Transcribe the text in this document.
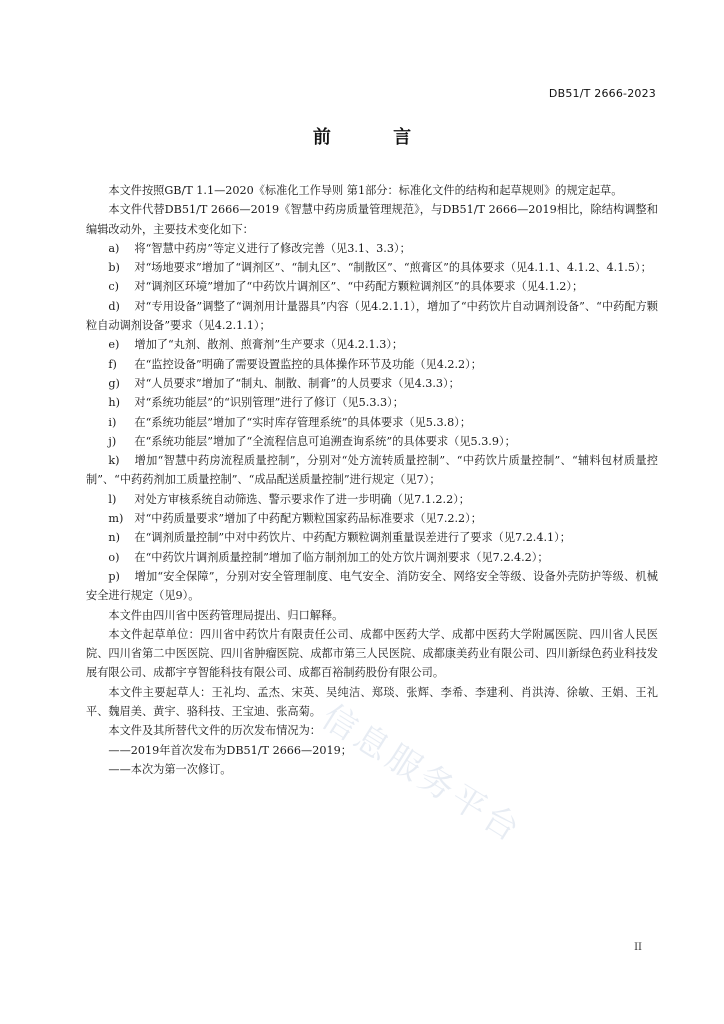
DB51/T 2666-2023
前 言
信息服务平台

本文件按照GB/T 1.1—2020《标准化工作导则 第1部分：标准化文件的结构和起草规则》的规定起草。

本文件代替DB51/T 2666—2019《智慧中药房质量管理规范》，与DB51/T 2666—2019相比，除结构调整和编辑改动外，主要技术变化如下：

a) 将“智慧中药房”等定义进行了修改完善（见3.1、3.3）；

b) 对“场地要求”增加了“调剂区”、“制丸区”、“制散区”、“煎膏区”的具体要求（见4.1.1、4.1.2、4.1.5）；

c) 对“调剂区环境”增加了“中药饮片调剂区”、“中药配方颗粒调剂区”的具体要求（见4.1.2）；

d) 对“专用设备”调整了“调剂用计量器具”内容（见4.2.1.1），增加了“中药饮片自动调剂设备”、“中药配方颗粒自动调剂设备”要求（见4.2.1.1）；

e) 增加了“丸剂、散剂、煎膏剂”生产要求（见4.2.1.3）；

f) 在“监控设备”明确了需要设置监控的具体操作环节及功能（见4.2.2）；

g) 对“人员要求”增加了“制丸、制散、制膏”的人员要求（见4.3.3）；

h) 对“系统功能层”的“识别管理”进行了修订（见5.3.3）；

i) 在“系统功能层”增加了“实时库存管理系统”的具体要求（见5.3.8）；

j) 在“系统功能层”增加了“全流程信息可追溯查询系统”的具体要求（见5.3.9）；

k) 增加“智慧中药房流程质量控制”，分别对“处方流转质量控制”、“中药饮片质量控制”、“辅料包材质量控制”、“中药药剂加工质量控制”、“成品配送质量控制”进行规定（见7）；

l) 对处方审核系统自动筛选、警示要求作了进一步明确（见7.1.2.2）；

m) 对“中药质量要求”增加了中药配方颗粒国家药品标准要求（见7.2.2）；

n) 在“调剂质量控制”中对中药饮片、中药配方颗粒调剂重量误差进行了要求（见7.2.4.1）；

o) 在“中药饮片调剂质量控制”增加了临方制剂加工的处方饮片调剂要求（见7.2.4.2）；

p) 增加“安全保障”，分别对安全管理制度、电气安全、消防安全、网络安全等级、设备外壳防护等级、机械安全进行规定（见9）。

本文件由四川省中医药管理局提出、归口解释。

本文件起草单位：四川省中药饮片有限责任公司、成都中医药大学、成都中医药大学附属医院、四川省人民医院、四川省第二中医医院、四川省肿瘤医院、成都市第三人民医院、成都康美药业有限公司、四川新绿色药业科技发展有限公司、成都宇亨智能科技有限公司、成都百裕制药股份有限公司。

本文件主要起草人：王礼均、孟杰、宋英、吴纯洁、郑琰、张辉、李希、李建利、肖洪涛、徐敏、王娟、王礼平、魏眉美、黄宇、骆科技、王宝迪、张高菊。

本文件及其所替代文件的历次发布情况为：

——2019年首次发布为DB51/T 2666—2019；

——本次为第一次修订。

II
